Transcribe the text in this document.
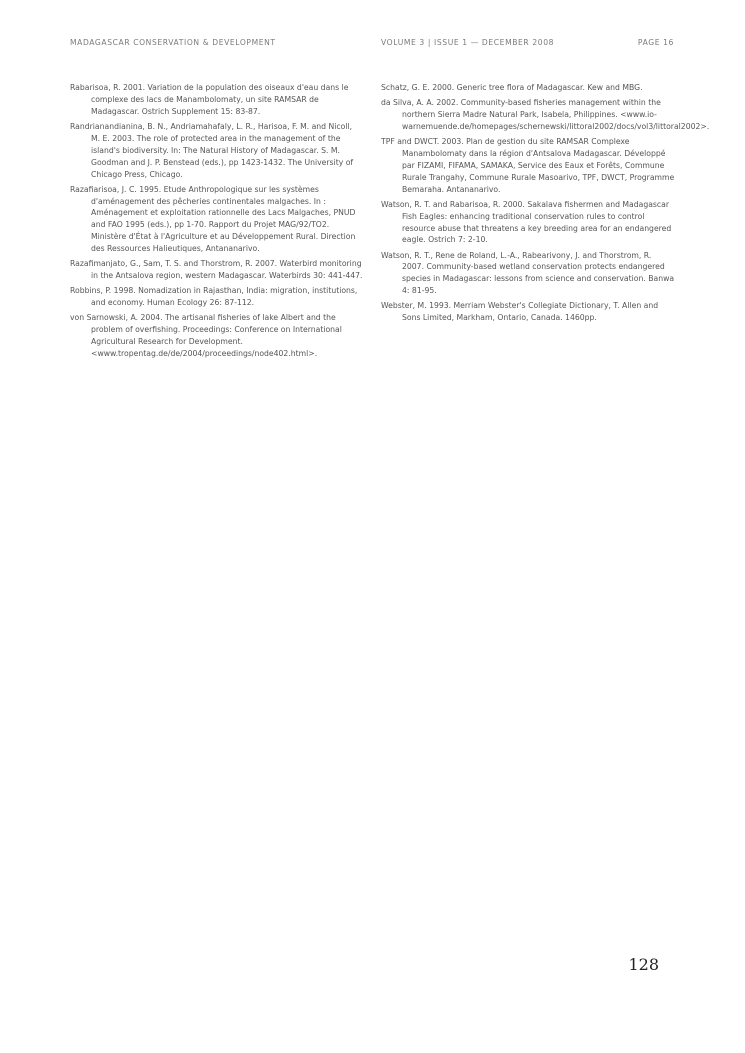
MADAGASCAR CONSERVATION & DEVELOPMENT	VOLUME 3 | ISSUE 1 — DECEMBER 2008	PAGE 16

Rabarisoa, R. 2001. Variation de la population des oiseaux d'eau dans le complexe des lacs de Manambolomaty, un site RAMSAR de Madagascar. Ostrich Supplement 15: 83-87.

Randrianandianina, B. N., Andriamahafaly, L. R., Harisoa, F. M. and Nicoll, M. E. 2003. The role of protected area in the management of the island's biodiversity. In: The Natural History of Madagascar. S. M. Goodman and J. P. Benstead (eds.), pp 1423-1432. The University of Chicago Press, Chicago.

Razafiarisoa, J. C. 1995. Etude Anthropologique sur les systèmes d'aménagement des pêcheries continentales malgaches. In : Aménagement et exploitation rationnelle des Lacs Malgaches, PNUD and FAO 1995 (eds.), pp 1-70. Rapport du Projet MAG/92/TO2. Ministère d'État à l'Agriculture et au Développement Rural. Direction des Ressources Halieutiques, Antananarivo.

Razafimanjato, G., Sam, T. S. and Thorstrom, R. 2007. Waterbird monitoring in the Antsalova region, western Madagascar. Waterbirds 30: 441-447.

Robbins, P. 1998. Nomadization in Rajasthan, India: migration, institutions, and economy. Human Ecology 26: 87-112.

von Sarnowski, A. 2004. The artisanal fisheries of lake Albert and the problem of overfishing. Proceedings: Conference on International Agricultural Research for Development. <www.tropentag.de/de/2004/proceedings/node402.html>.

Schatz, G. E. 2000. Generic tree flora of Madagascar. Kew and MBG.

da Silva, A. A. 2002. Community-based fisheries management within the northern Sierra Madre Natural Park, Isabela, Philippines. <www.io-warnemuende.de/homepages/schernewski/littoral2002/docs/vol3/littoral2002>.

TPF and DWCT. 2003. Plan de gestion du site RAMSAR Complexe Manambolomaty dans la région d'Antsalova Madagascar. Développé par FIZAMI, FIFAMA, SAMAKA, Service des Eaux et Forêts, Commune Rurale Trangahy, Commune Rurale Masoarivo, TPF, DWCT, Programme Bemaraha. Antananarivo.

Watson, R. T. and Rabarisoa, R. 2000. Sakalava fishermen and Madagascar Fish Eagles: enhancing traditional conservation rules to control resource abuse that threatens a key breeding area for an endangered eagle. Ostrich 7: 2-10.

Watson, R. T., Rene de Roland, L.-A., Rabearivony, J. and Thorstrom, R. 2007. Community-based wetland conservation protects endangered species in Madagascar: lessons from science and conservation. Banwa 4: 81-95.

Webster, M. 1993. Merriam Webster's Collegiate Dictionary, T. Allen and Sons Limited, Markham, Ontario, Canada. 1460pp.

128
